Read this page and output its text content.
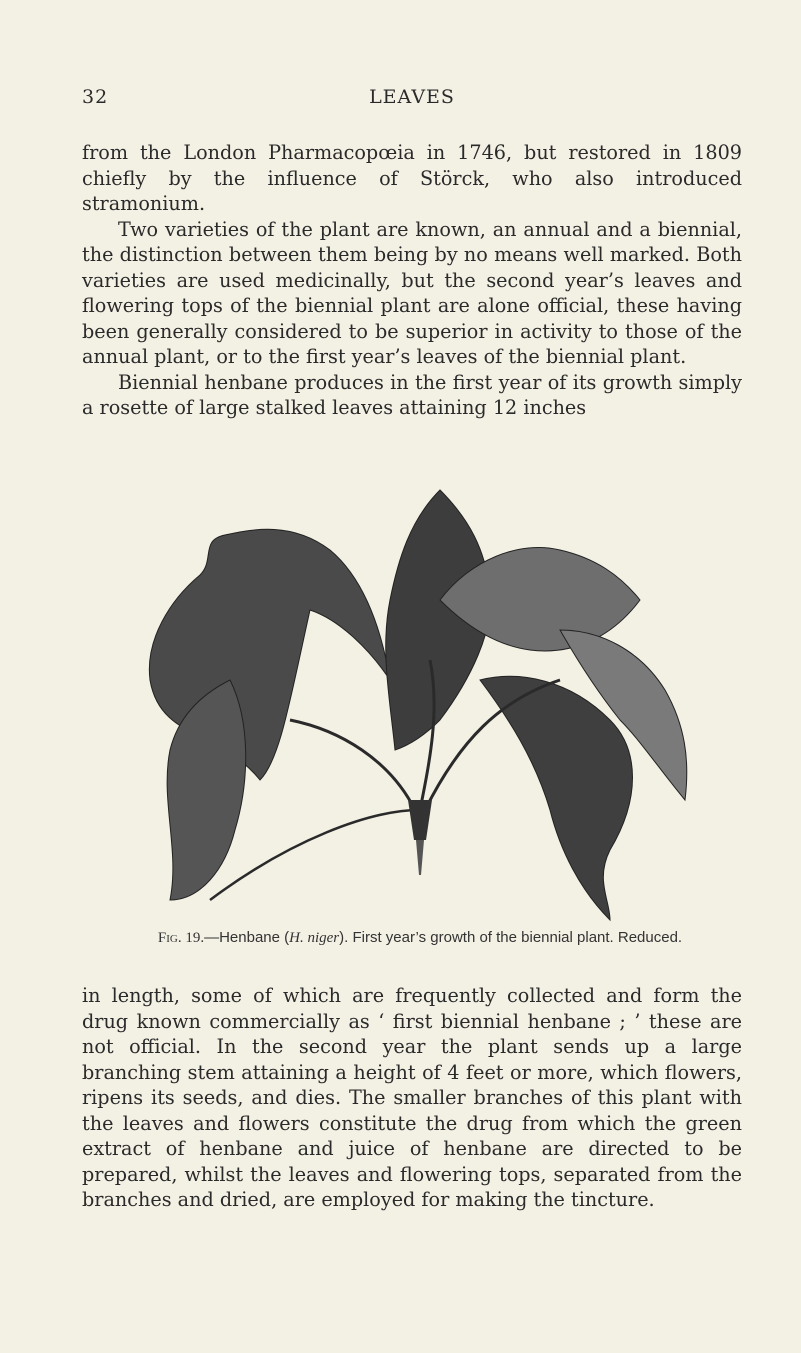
32	LEAVES

from the London Pharmacopœia in 1746, but restored in 1809 chiefly by the influence of Störck, who also introduced stramonium.

Two varieties of the plant are known, an annual and a biennial, the distinction between them being by no means well marked. Both varieties are used medicinally, but the second year’s leaves and flowering tops of the biennial plant are alone official, these having been generally considered to be superior in activity to those of the annual plant, or to the first year’s leaves of the biennial plant.

Biennial henbane produces in the first year of its growth simply a rosette of large stalked leaves attaining 12 inches

Fig. 19.—Henbane (H. niger). First year’s growth of the biennial plant. Reduced.

in length, some of which are frequently collected and form the drug known commercially as ‘ first biennial henbane ; ’ these are not official. In the second year the plant sends up a large branching stem attaining a height of 4 feet or more, which flowers, ripens its seeds, and dies. The smaller branches of this plant with the leaves and flowers constitute the drug from which the green extract of henbane and juice of henbane are directed to be prepared, whilst the leaves and flowering tops, separated from the branches and dried, are employed for making the tincture.
